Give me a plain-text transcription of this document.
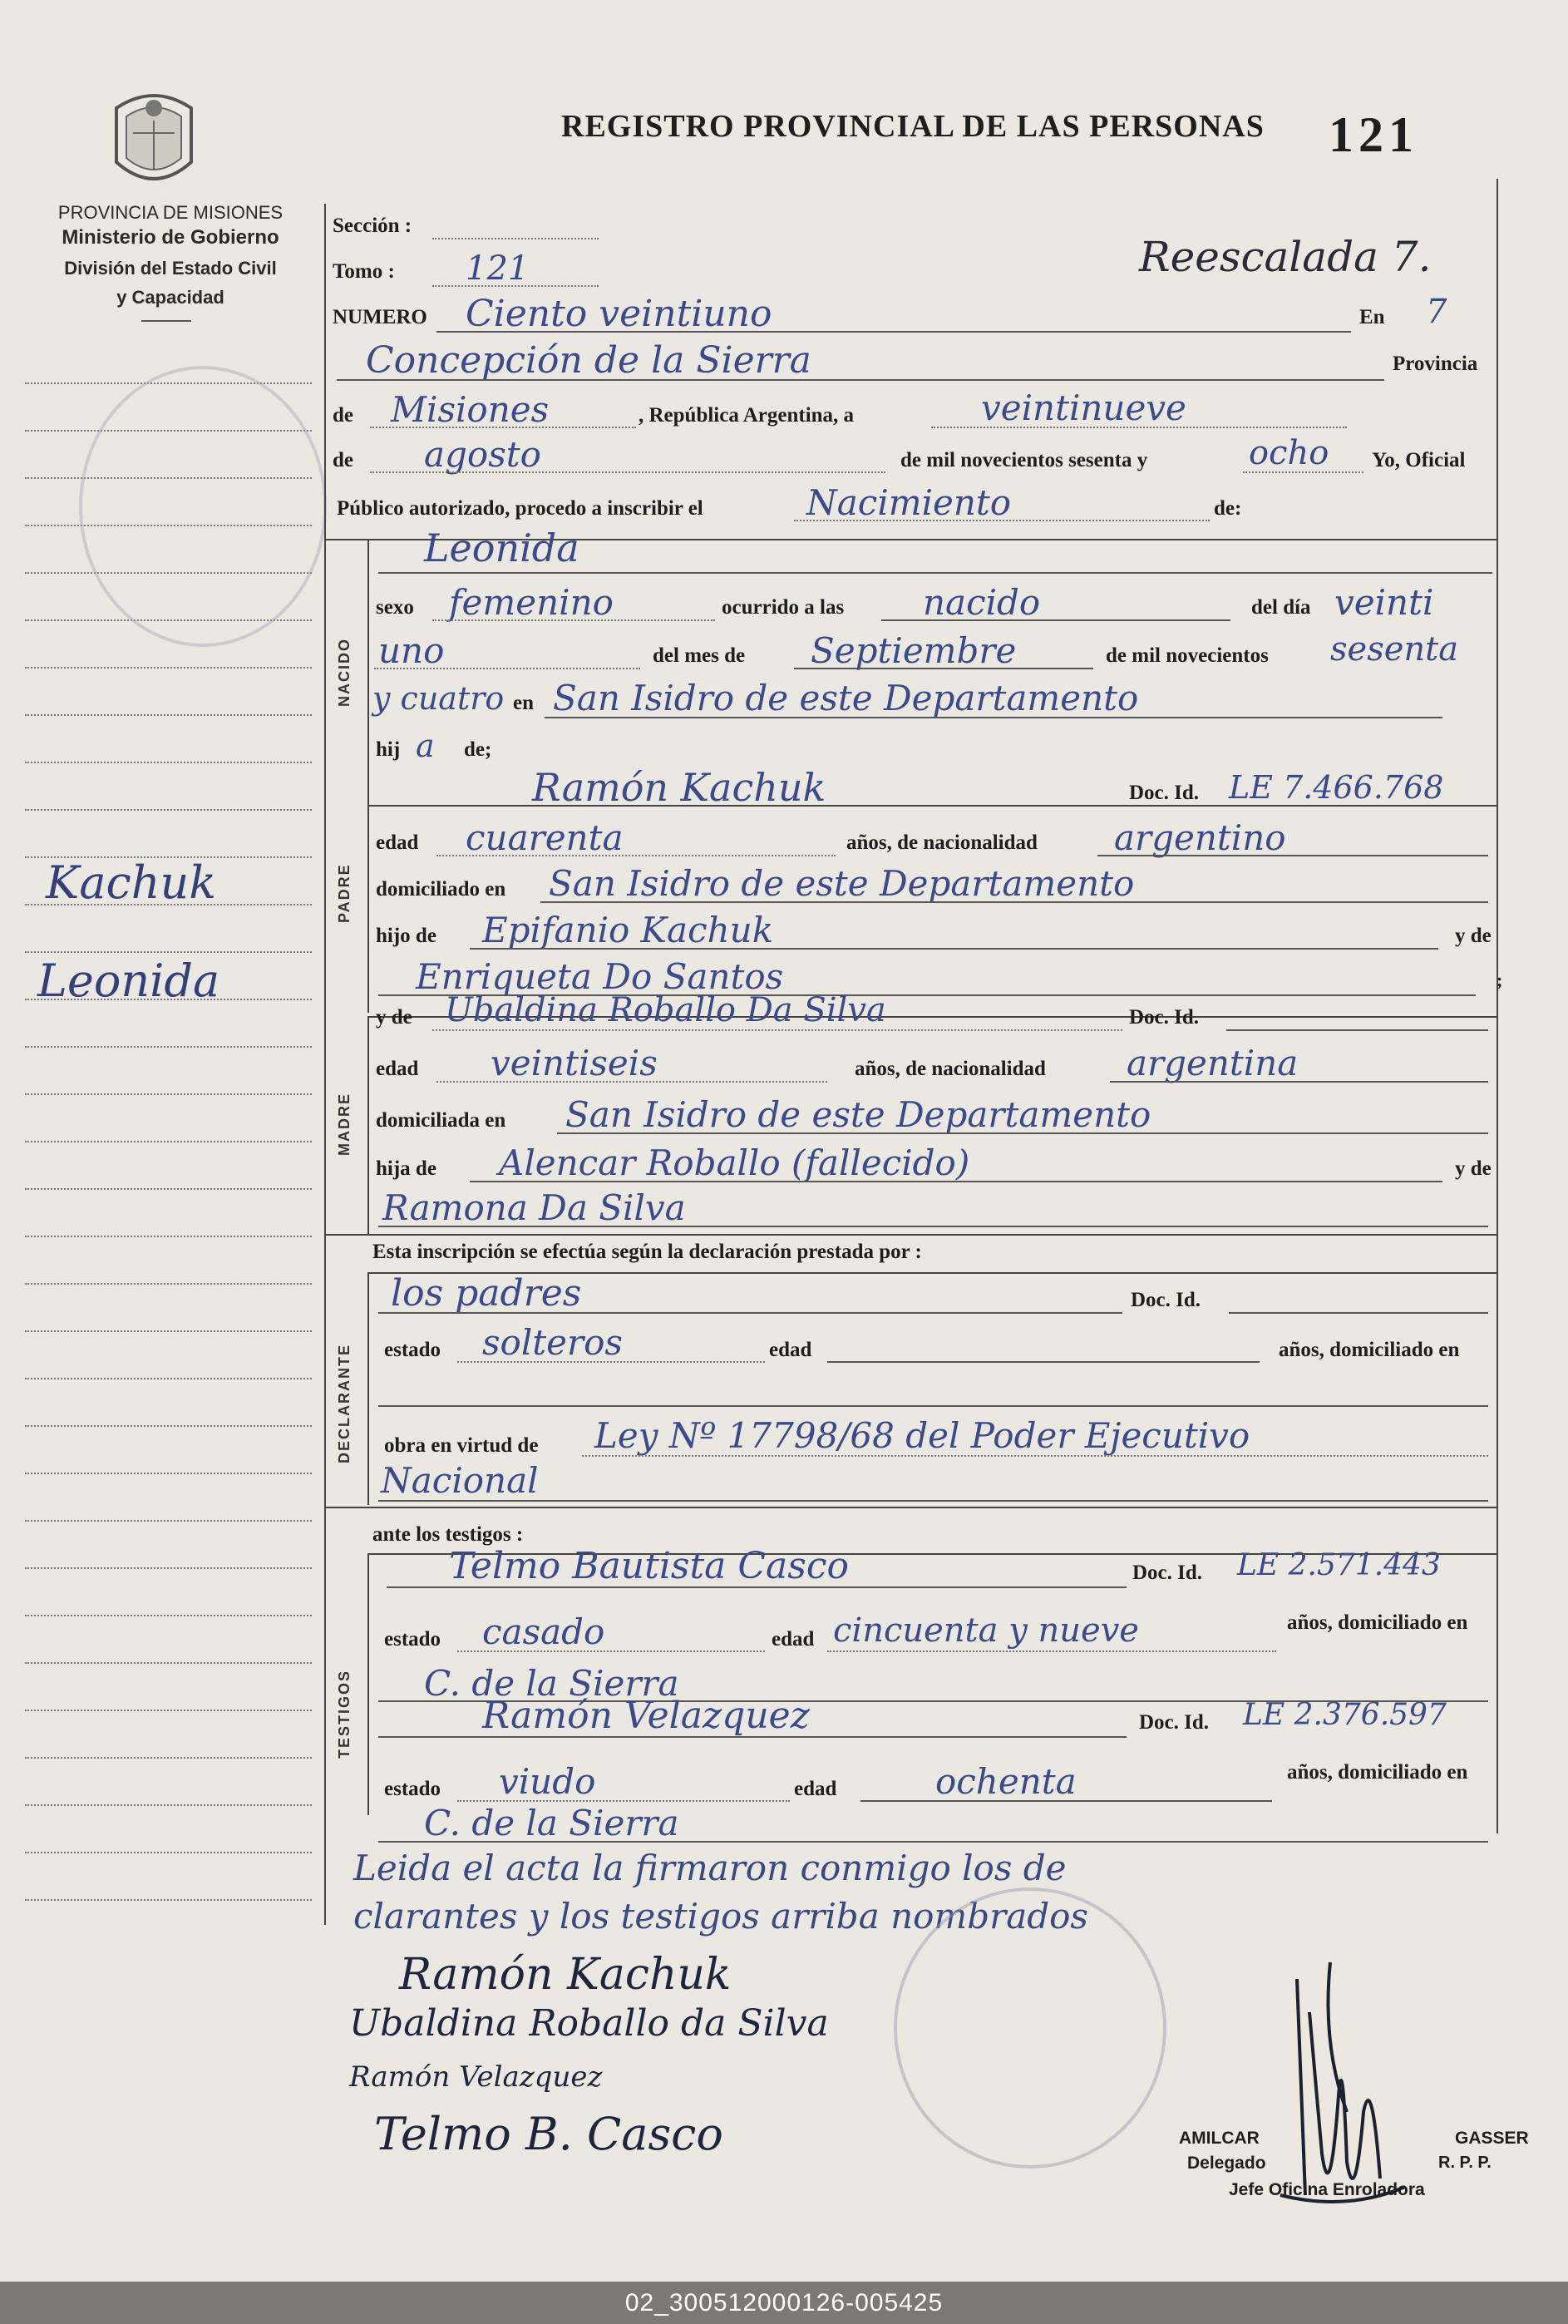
PROVINCIA DE MISIONES
Ministerio de Gobierno
División del Estado Civil
y Capacidad
Kachuk
Leonida
REGISTRO PROVINCIAL DE LAS PERSONAS 121
Sección :
Tomo : 121	Reescalada 7.
NUMERO Ciento veintiuno	En 7
Concepción de la Sierra	Provincia
de Misiones	, República Argentina, a	veintinueve
de agosto	de mil novecientos sesenta y	ocho Yo, Oficial
Público autorizado, procedo a inscribir el	Nacimiento	de:
NACIDO
Leonida
sexo femenino	ocurrido a las nacido	del día veinti
uno	del mes de Septiembre	de mil novecientos sesenta
y cuatro en San Isidro de este Departamento
hij a de;
PADRE
Ramón Kachuk	Doc. Id. LE 7.466.768
edad cuarenta	años, de nacionalidad argentino
domiciliado en San Isidro de este Departamento
hijo de Epifanio Kachuk	y de
Enriqueta Do Santos	;
MADRE
y de Ubaldina Roballo Da Silva	Doc. Id.
edad veintiseis	años, de nacionalidad argentina
domiciliada en San Isidro de este Departamento
hija de Alencar Roballo (fallecido)	y de
Ramona Da Silva
Esta inscripción se efectúa según la declaración prestada por :
DECLARANTE
los padres	Doc. Id.
estado solteros	edad	años, domiciliado en
obra en virtud de Ley Nº 17798/68 del Poder Ejecutivo
Nacional
ante los testigos :
TESTIGOS
Telmo Bautista Casco	Doc. Id. LE 2.571.443
estado casado	edad cincuenta y nueve	años, domiciliado en
C. de la Sierra
Ramón Velazquez	Doc. Id. LE 2.376.597
estado viudo	edad	ochenta	años, domiciliado en
C. de la Sierra
Leida el acta la firmaron conmigo los de
clarantes y los testigos arriba nombrados
Ramón Kachuk
Ubaldina Roballo da Silva
Ramón Velazquez
Telmo B. Casco	AMILCAR	GASSER
Delegado	R. P. P.
Jefe Oficina Enroladora
02_300512000126-005425
